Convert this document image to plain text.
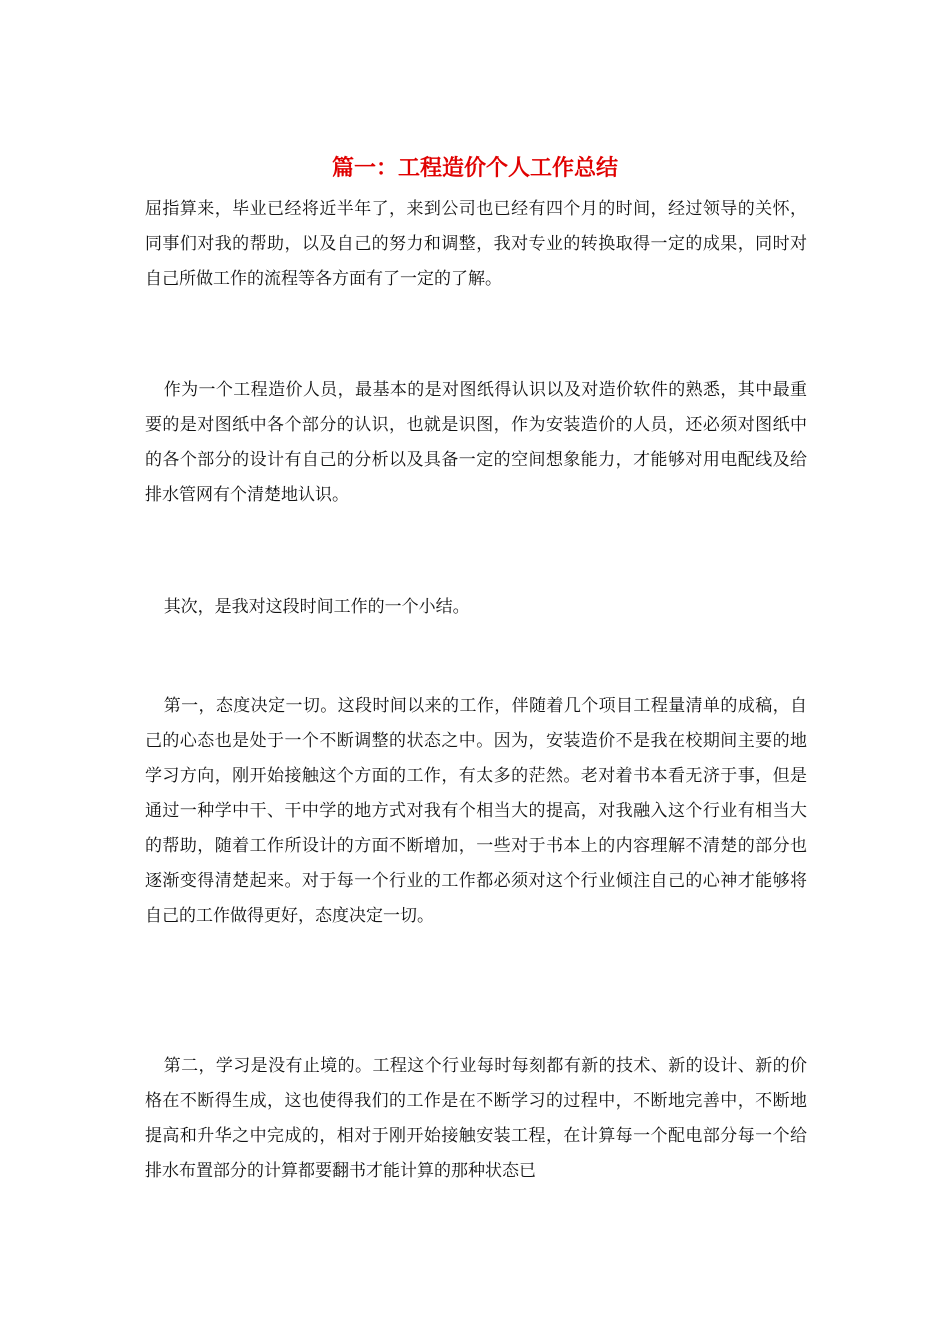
篇一：工程造价个人工作总结

屈指算来，毕业已经将近半年了，来到公司也已经有四个月的时间，经过领导的关怀，同事们对我的帮助，以及自己的努力和调整，我对专业的转换取得一定的成果，同时对自己所做工作的流程等各方面有了一定的了解。

作为一个工程造价人员，最基本的是对图纸得认识以及对造价软件的熟悉，其中最重要的是对图纸中各个部分的认识，也就是识图，作为安装造价的人员，还必须对图纸中的各个部分的设计有自己的分析以及具备一定的空间想象能力，才能够对用电配线及给排水管网有个清楚地认识。

其次，是我对这段时间工作的一个小结。

第一，态度决定一切。这段时间以来的工作，伴随着几个项目工程量清单的成稿，自己的心态也是处于一个不断调整的状态之中。因为，安装造价不是我在校期间主要的地学习方向，刚开始接触这个方面的工作，有太多的茫然。老对着书本看无济于事，但是通过一种学中干、干中学的地方式对我有个相当大的提高，对我融入这个行业有相当大的帮助，随着工作所设计的方面不断增加，一些对于书本上的内容理解不清楚的部分也逐渐变得清楚起来。对于每一个行业的工作都必须对这个行业倾注自己的心神才能够将自己的工作做得更好，态度决定一切。

第二，学习是没有止境的。工程这个行业每时每刻都有新的技术、新的设计、新的价格在不断得生成，这也使得我们的工作是在不断学习的过程中，不断地完善中，不断地提高和升华之中完成的，相对于刚开始接触安装工程，在计算每一个配电部分每一个给排水布置部分的计算都要翻书才能计算的那种状态已
